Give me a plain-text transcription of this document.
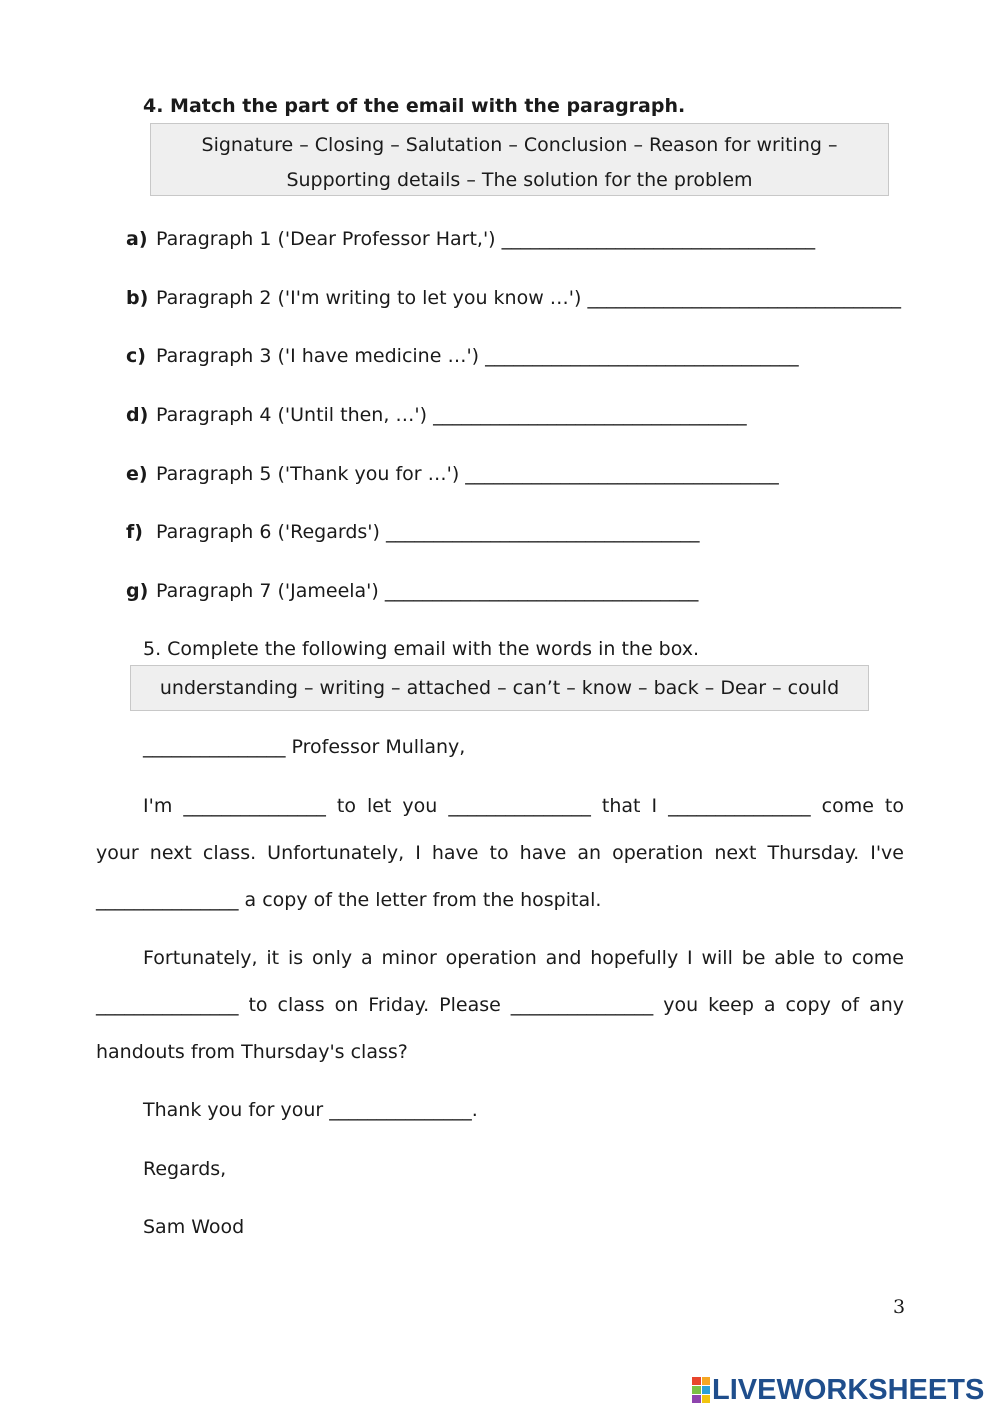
4. Match the part of the email with the paragraph.
Signature – Closing – Salutation – Conclusion – Reason for writing –
Supporting details – The solution for the problem
a) Paragraph 1 ('Dear Professor Hart,') _________________________________
b) Paragraph 2 ('I'm writing to let you know …') _________________________________
c) Paragraph 3 ('I have medicine …') _________________________________
d) Paragraph 4 ('Until then, …') _________________________________
e) Paragraph 5 ('Thank you for …') _________________________________
f) Paragraph 6 ('Regards') _________________________________
g) Paragraph 7 ('Jameela') _________________________________
5. Complete the following email with the words in the box.
understanding – writing – attached – can’t – know – back – Dear – could
_______________ Professor Mullany,
I'm _______________ to let you _______________ that I _______________ come to
your next class. Unfortunately, I have to have an operation next Thursday. I've
_______________ a copy of the letter from the hospital.
Fortunately, it is only a minor operation and hopefully I will be able to come
_______________ to class on Friday. Please _______________ you keep a copy of any
handouts from Thursday's class?
Thank you for your _______________.
Regards,
Sam Wood
3
LIVEWORKSHEETS
